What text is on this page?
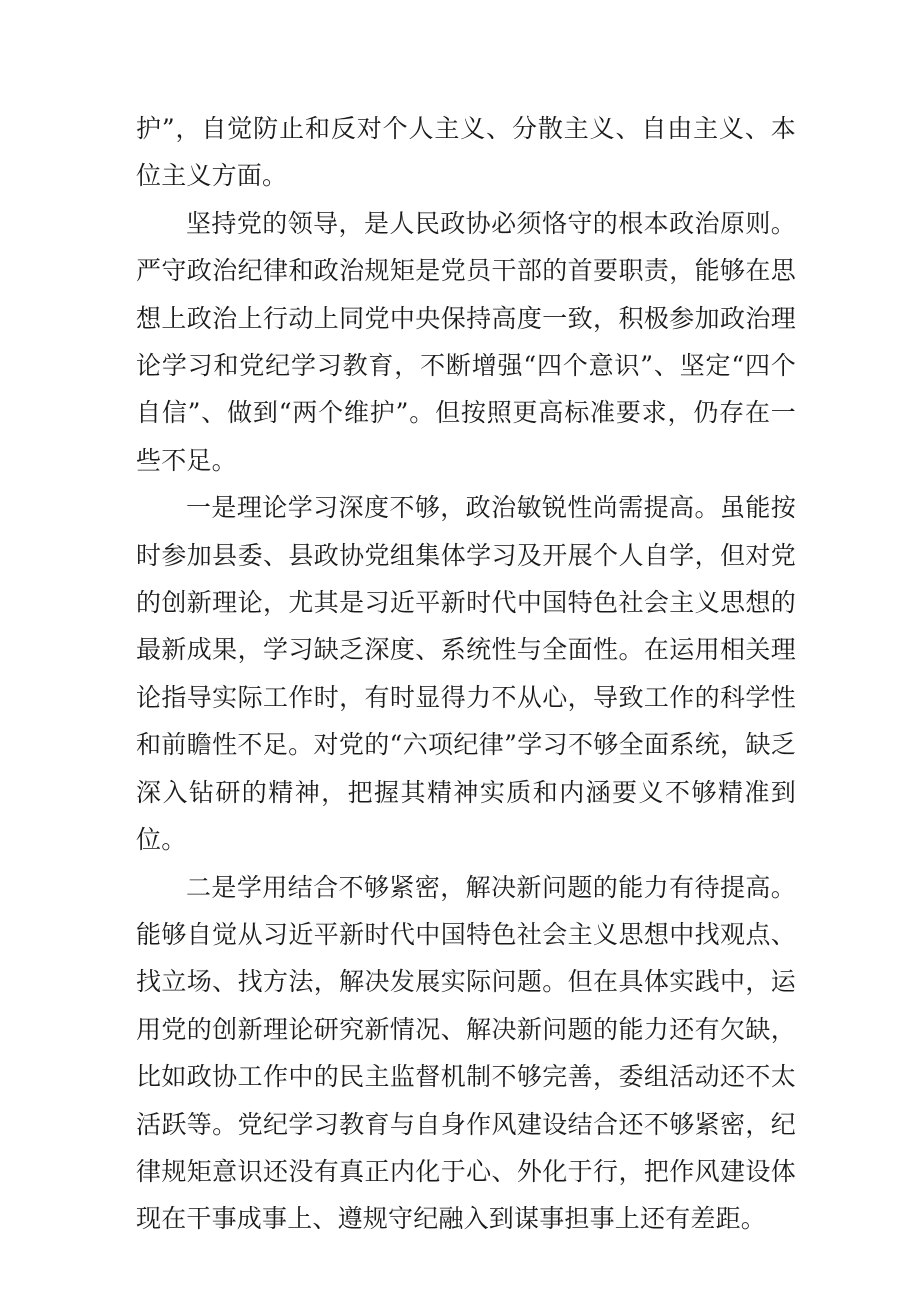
护”，自觉防止和反对个人主义、分散主义、自由主义、本位主义方面。

坚持党的领导，是人民政协必须恪守的根本政治原则。严守政治纪律和政治规矩是党员干部的首要职责，能够在思想上政治上行动上同党中央保持高度一致，积极参加政治理论学习和党纪学习教育，不断增强“四个意识”、坚定“四个自信”、做到“两个维护”。但按照更高标准要求，仍存在一些不足。

一是理论学习深度不够，政治敏锐性尚需提高。虽能按时参加县委、县政协党组集体学习及开展个人自学，但对党的创新理论，尤其是习近平新时代中国特色社会主义思想的最新成果，学习缺乏深度、系统性与全面性。在运用相关理论指导实际工作时，有时显得力不从心，导致工作的科学性和前瞻性不足。对党的“六项纪律”学习不够全面系统，缺乏深入钻研的精神，把握其精神实质和内涵要义不够精准到位。

二是学用结合不够紧密，解决新问题的能力有待提高。能够自觉从习近平新时代中国特色社会主义思想中找观点、找立场、找方法，解决发展实际问题。但在具体实践中，运用党的创新理论研究新情况、解决新问题的能力还有欠缺，比如政协工作中的民主监督机制不够完善，委组活动还不太活跃等。党纪学习教育与自身作风建设结合还不够紧密，纪律规矩意识还没有真正内化于心、外化于行，把作风建设体现在干事成事上、遵规守纪融入到谋事担事上还有差距。
